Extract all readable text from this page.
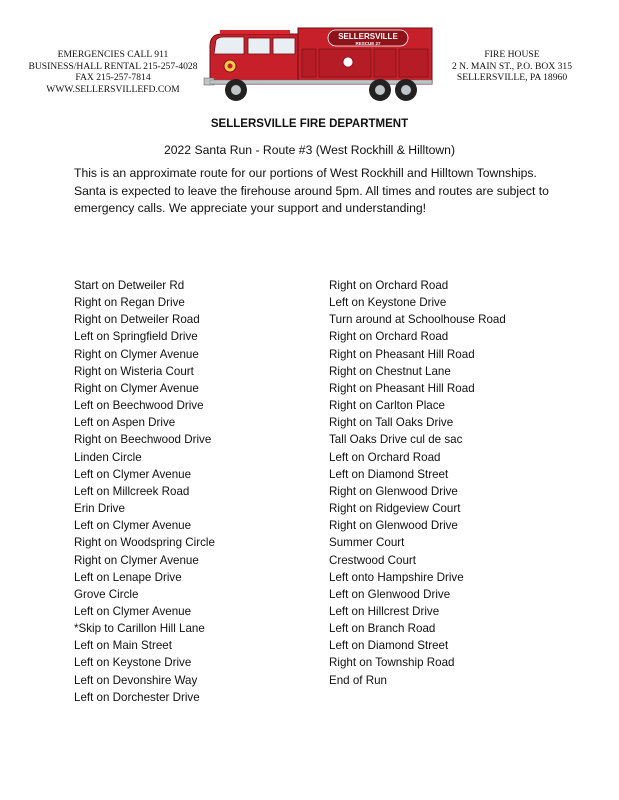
EMERGENCIES CALL 911
BUSINESS/HALL RENTAL 215-257-4028
FAX 215-257-7814
WWW.SELLERSVILLEFD.COM
SELLERSVILLE
RESCUE 27
FIRE HOUSE
2 N. MAIN ST., P.O. BOX 315
SELLERSVILLE, PA 18960
SELLERSVILLE FIRE DEPARTMENT
2022 Santa Run - Route #3 (West Rockhill & Hilltown)
This is an approximate route for our portions of West Rockhill and Hilltown Townships. Santa is expected to leave the firehouse around 5pm. All times and routes are subject to emergency calls. We appreciate your support and understanding!
Start on Detweiler Rd
Right on Regan Drive
Right on Detweiler Road
Left on Springfield Drive
Right on Clymer Avenue
Right on Wisteria Court
Right on Clymer Avenue
Left on Beechwood Drive
Left on Aspen Drive
Right on Beechwood Drive
Linden Circle
Left on Clymer Avenue
Left on Millcreek Road
Erin Drive
Left on Clymer Avenue
Right on Woodspring Circle
Right on Clymer Avenue
Left on Lenape Drive
Grove Circle
Left on Clymer Avenue
*Skip to Carillon Hill Lane
Left on Main Street
Left on Keystone Drive
Left on Devonshire Way
Left on Dorchester Drive
Right on Orchard Road
Left on Keystone Drive
Turn around at Schoolhouse Road
Right on Orchard Road
Right on Pheasant Hill Road
Right on Chestnut Lane
Right on Pheasant Hill Road
Right on Carlton Place
Right on Tall Oaks Drive
Tall Oaks Drive cul de sac
Left on Orchard Road
Left on Diamond Street
Right on Glenwood Drive
Right on Ridgeview Court
Right on Glenwood Drive
Summer Court
Crestwood Court
Left onto Hampshire Drive
Left on Glenwood Drive
Left on Hillcrest Drive
Left on Branch Road
Left on Diamond Street
Right on Township Road
End of Run
